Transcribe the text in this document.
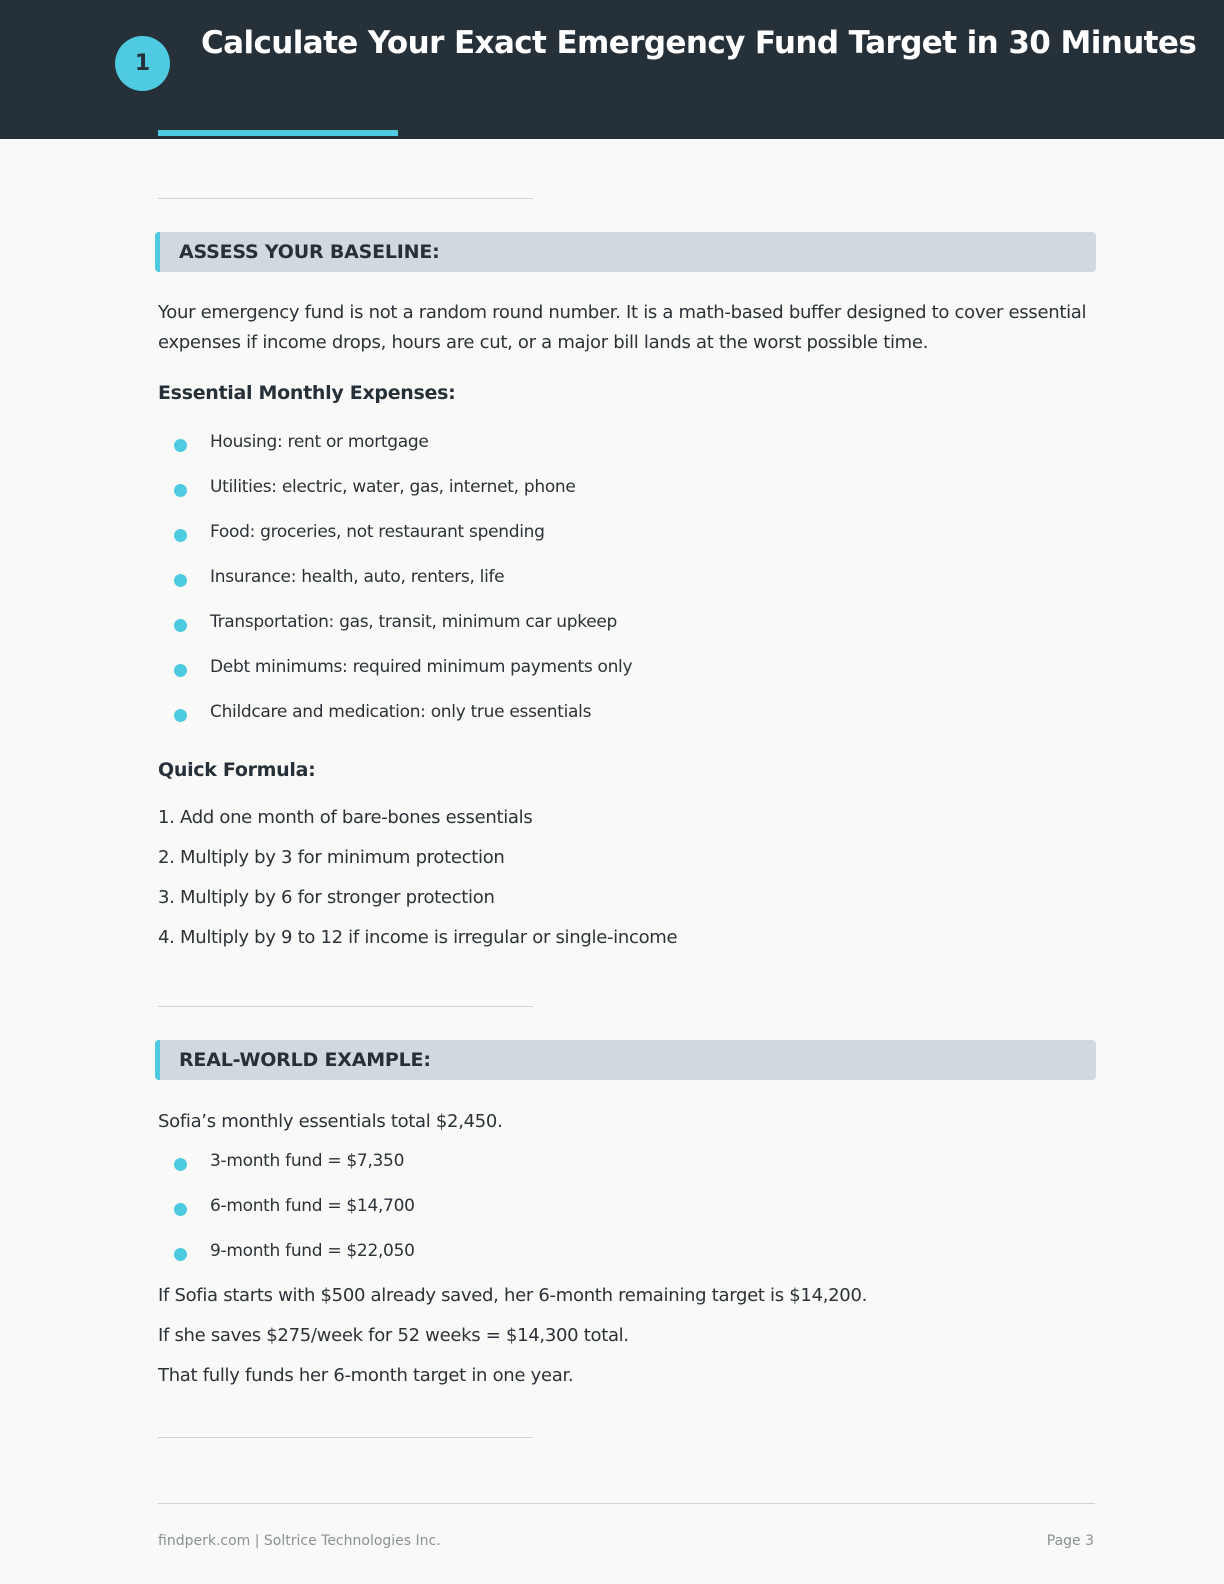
1
Calculate Your Exact Emergency Fund Target in 30 Minutes
ASSESS YOUR BASELINE:
Your emergency fund is not a random round number. It is a math-based buffer designed to cover essential expenses if income drops, hours are cut, or a major bill lands at the worst possible time.
Essential Monthly Expenses:
Housing: rent or mortgage
Utilities: electric, water, gas, internet, phone
Food: groceries, not restaurant spending
Insurance: health, auto, renters, life
Transportation: gas, transit, minimum car upkeep
Debt minimums: required minimum payments only
Childcare and medication: only true essentials
Quick Formula:
1. Add one month of bare-bones essentials
2. Multiply by 3 for minimum protection
3. Multiply by 6 for stronger protection
4. Multiply by 9 to 12 if income is irregular or single-income
REAL-WORLD EXAMPLE:
Sofia’s monthly essentials total $2,450.
3-month fund = $7,350
6-month fund = $14,700
9-month fund = $22,050
If Sofia starts with $500 already saved, her 6-month remaining target is $14,200.
If she saves $275/week for 52 weeks = $14,300 total.
That fully funds her 6-month target in one year.
findperk.com | Soltrice Technologies Inc.	Page 3
